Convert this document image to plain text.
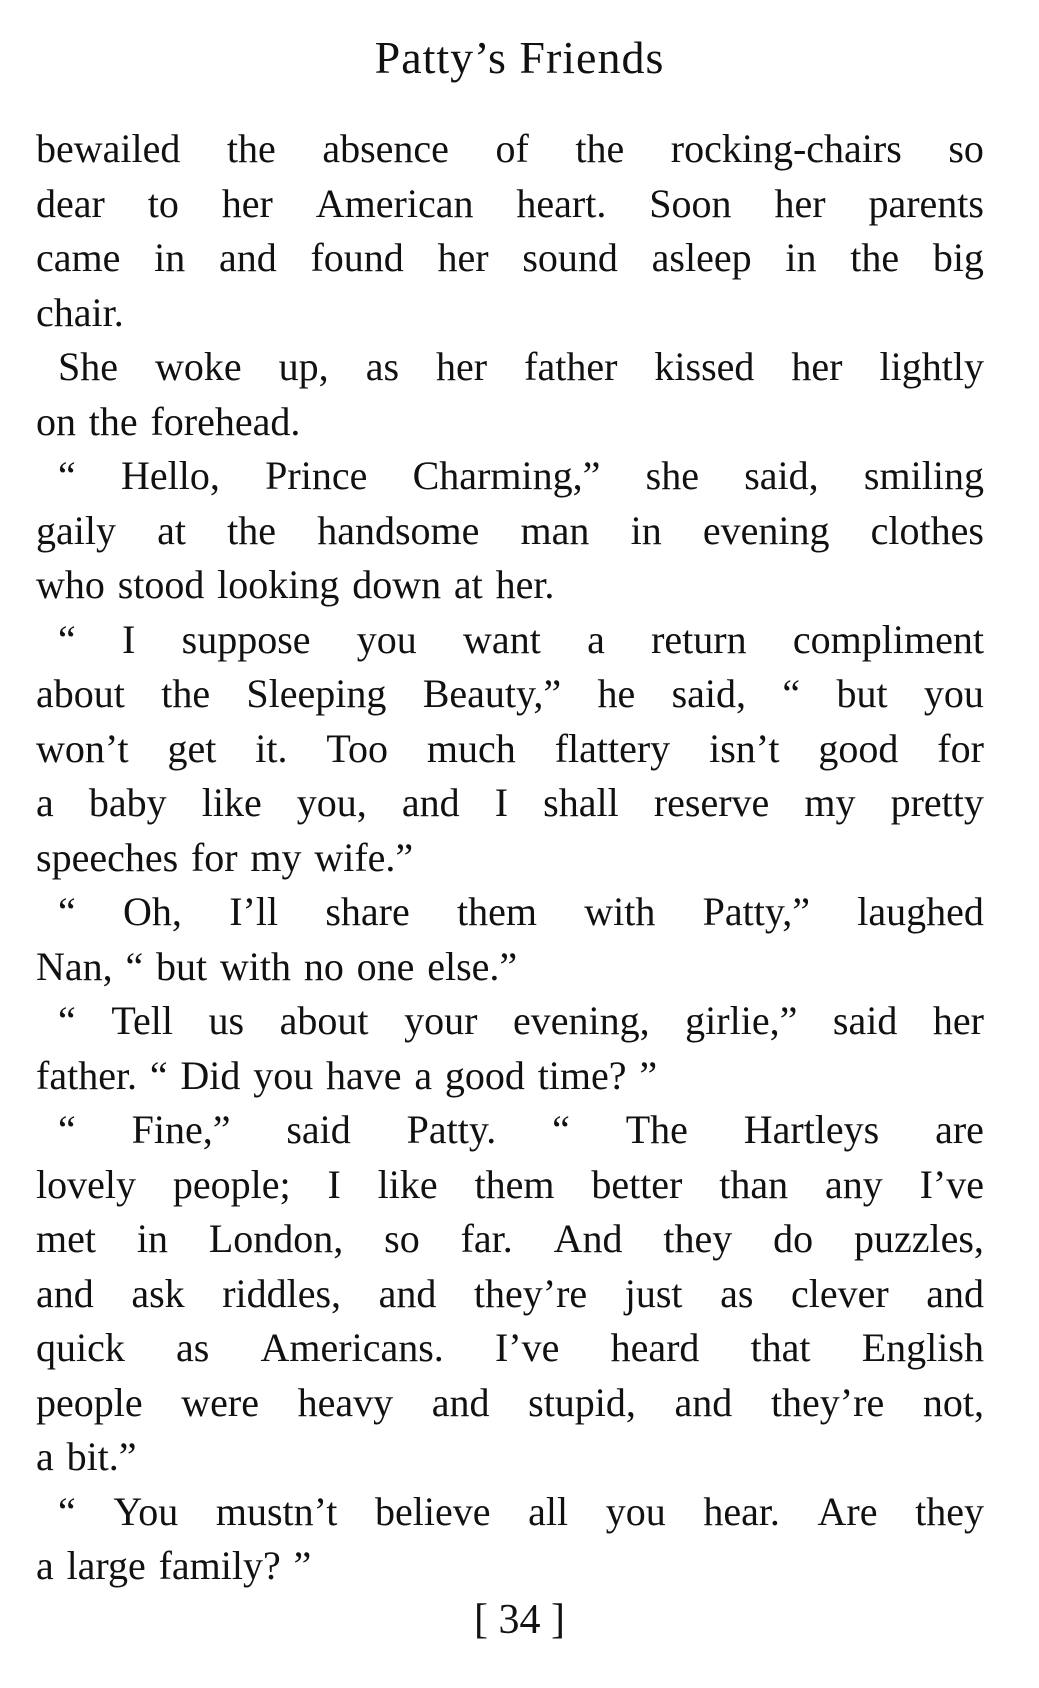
Patty’s Friends
bewailed the absence of the rocking-chairs so
dear to her American heart. Soon her parents
came in and found her sound asleep in the big
chair.
She woke up, as her father kissed her lightly
on the forehead.
“ Hello, Prince Charming,” she said, smiling
gaily at the handsome man in evening clothes
who stood looking down at her.
“ I suppose you want a return compliment
about the Sleeping Beauty,” he said, “ but you
won’t get it. Too much flattery isn’t good for
a baby like you, and I shall reserve my pretty
speeches for my wife.”
“ Oh, I’ll share them with Patty,” laughed
Nan, “ but with no one else.”
“ Tell us about your evening, girlie,” said her
father. “ Did you have a good time? ”
“ Fine,” said Patty. “ The Hartleys are
lovely people; I like them better than any I’ve
met in London, so far. And they do puzzles,
and ask riddles, and they’re just as clever and
quick as Americans. I’ve heard that English
people were heavy and stupid, and they’re not,
a bit.”
“ You mustn’t believe all you hear. Are they
a large family? ”
[ 34 ]
